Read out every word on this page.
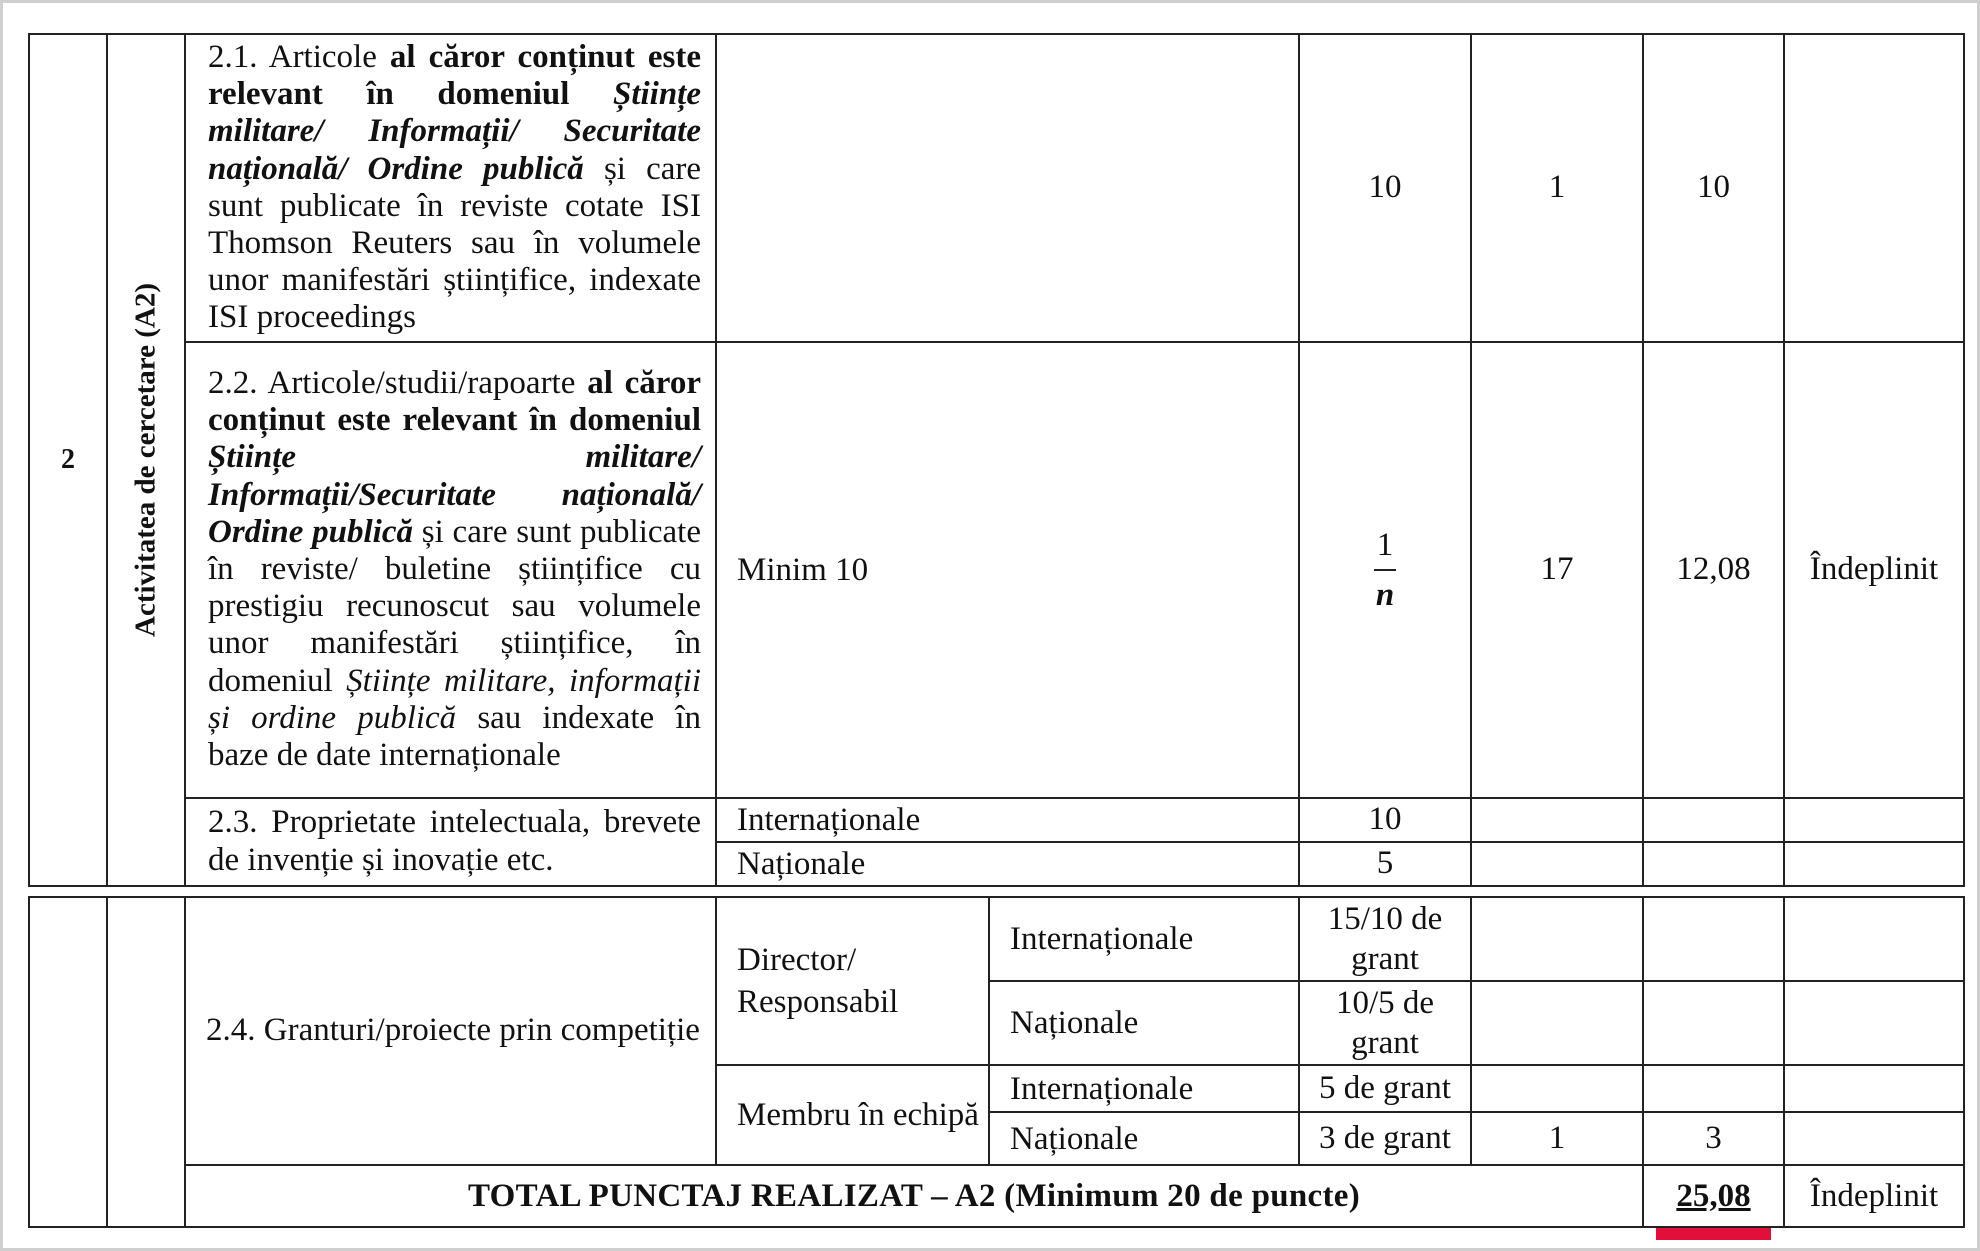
2	Activitatea de cercetare (A2)	2.1. Articole al căror conținut este relevant în domeniul Științe militare/ Informații/ Securitate națională/ Ordine publică și care sunt publicate în reviste cotate ISI Thomson Reuters sau în volumele unor manifestări științifice, indexate ISI proceedings		10	1	10	
		2.2. Articole/studii/rapoarte al căror conținut este relevant în domeniul Științe militare/ Informații/Securitate națională/ Ordine publică și care sunt publicate în reviste/ buletine științifice cu prestigiu recunoscut sau volumele unor manifestări științifice, în domeniul Științe militare, informații și ordine publică sau indexate în baze de date internaționale	Minim 10	$\frac{1}{n}$	17	12,08	Îndeplinit
		2.3. Proprietate intelectuala, brevete de invenție și inovație etc.	Internaționale	10			
			Naționale	5			
		2.4. Granturi/proiecte prin competiție	Director/ Responsabil	Internaționale	15/10 de grant			
				Naționale	10/5 de grant			
			Membru în echipă	Internaționale	5 de grant			
				Naționale	3 de grant	1	3	
		TOTAL PUNCTAJ REALIZAT – A2 (Minimum 20 de puncte)					25,08	Îndeplinit
